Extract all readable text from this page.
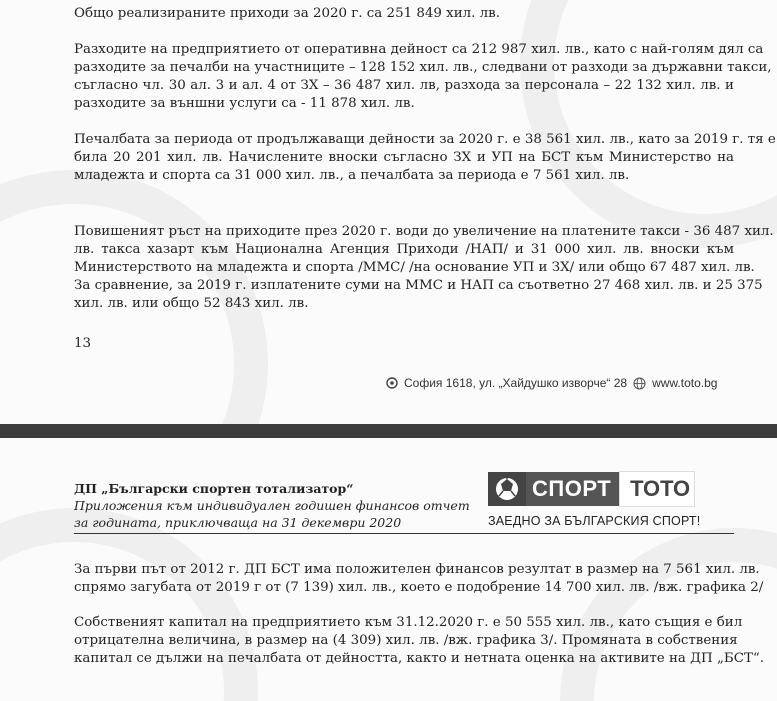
Общо реализираните приходи за 2020 г. са 251 849 хил. лв.
Разходите на предприятието от оперативна дейност са 212 987 хил. лв., като с най-голям дял са
разходите за печалби на участниците – 128 152 хил. лв., следвани от разходи за държавни такси,
съгласно чл. 30 ал. 3 и ал. 4 от ЗХ – 36 487 хил. лв, разхода за персонала – 22 132 хил. лв. и
разходите за външни услуги са - 11 878 хил. лв.
Печалбата за периода от продължаващи дейности за 2020 г. е 38 561 хил. лв., като за 2019 г. тя е
била 20 201 хил. лв. Начислените вноски съгласно ЗХ и УП на БСТ към Министерство на
младежта и спорта са 31 000 хил. лв., а печалбата за периода е 7 561 хил. лв.
Повишеният ръст на приходите през 2020 г. води до увеличение на платените такси - 36 487 хил.
лв. такса хазарт към Национална Агенция Приходи /НАП/ и 31 000 хил. лв. вноски към
Министерството на младежта и спорта /ММС/ /на основание УП и ЗХ/ или общо 67 487 хил. лв.
За сравнение, за 2019 г. изплатените суми на ММС и НАП са съответно 27 468 хил. лв. и 25 375
хил. лв. или общо 52 843 хил. лв.
13
София 1618, ул. „Хайдушко изворче“ 28 www.toto.bg
ДП „Български спортен тотализатор“
Приложения към индивидуален годишен финансов отчет
за годината, приключваща на 31 декември 2020
СПОРТ ТОТО
ЗАЕДНО ЗА БЪЛГАРСКИЯ СПОРТ!
За първи път от 2012 г. ДП БСТ има положителен финансов резултат в размер на 7 561 хил. лв.
спрямо загубата от 2019 г от (7 139) хил. лв., което е подобрение 14 700 хил. лв. /вж. графика 2/
Собственият капитал на предприятието към 31.12.2020 г. е 50 555 хил. лв., като същия е бил
отрицателна величина, в размер на (4 309) хил. лв. /вж. графика 3/. Промяната в собствения
капитал се дължи на печалбата от дейността, както и нетната оценка на активите на ДП „БСТ“.
